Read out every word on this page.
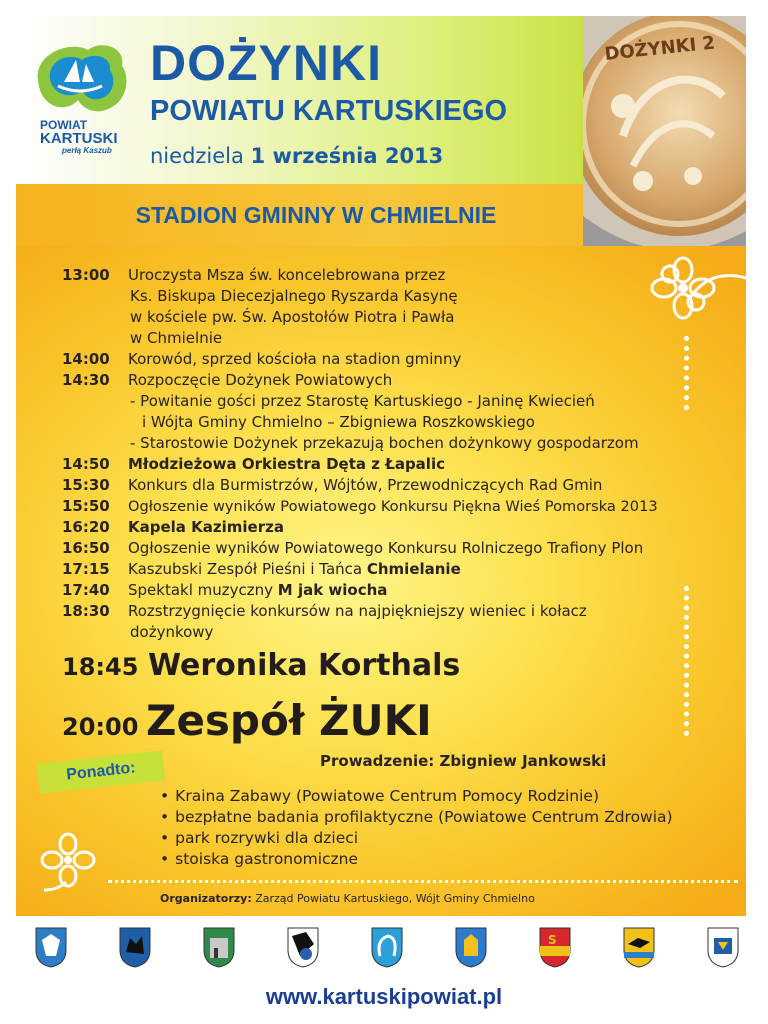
POWIAT
KARTUSKI
perłą Kaszub
DOŻYNKI
POWIATU KARTUSKIEGO
niedziela 1 września 2013
STADION GMINNY W CHMIELNIE
DOŻYNKI 2
13:00	Uroczysta Msza św. koncelebrowana przez
Ks. Biskupa Diecezjalnego Ryszarda Kasynę
w kościele pw. Św. Apostołów Piotra i Pawła
w Chmielnie
14:00	Korowód, sprzed kościoła na stadion gminny
14:30	Rozpoczęcie Dożynek Powiatowych
- Powitanie gości przez Starostę Kartuskiego - Janinę Kwiecień
i Wójta Gminy Chmielno – Zbigniewa Roszkowskiego
- Starostowie Dożynek przekazują bochen dożynkowy gospodarzom
14:50	Młodzieżowa Orkiestra Dęta z Łapalic
15:30	Konkurs dla Burmistrzów, Wójtów, Przewodniczących Rad Gmin
15:50	Ogłoszenie wyników Powiatowego Konkursu Piękna Wieś Pomorska 2013
16:20	Kapela Kazimierza
16:50	Ogłoszenie wyników Powiatowego Konkursu Rolniczego Trafiony Plon
17:15	Kaszubski Zespół Pieśni i Tańca Chmielanie
17:40	Spektakl muzyczny M jak wiocha
18:30	Rozstrzygnięcie konkursów na najpiękniejszy wieniec i kołacz
dożynkowy
18:45 Weronika Korthals
20:00 Zespół ŻUKI
Prowadzenie: Zbigniew Jankowski
Ponadto:
• Kraina Zabawy (Powiatowe Centrum Pomocy Rodzinie)
• bezpłatne badania profilaktyczne (Powiatowe Centrum Zdrowia)
• park rozrywki dla dzieci
• stoiska gastronomiczne
Organizatorzy: Zarząd Powiatu Kartuskiego, Wójt Gminy Chmielno
S
www.kartuskipowiat.pl
